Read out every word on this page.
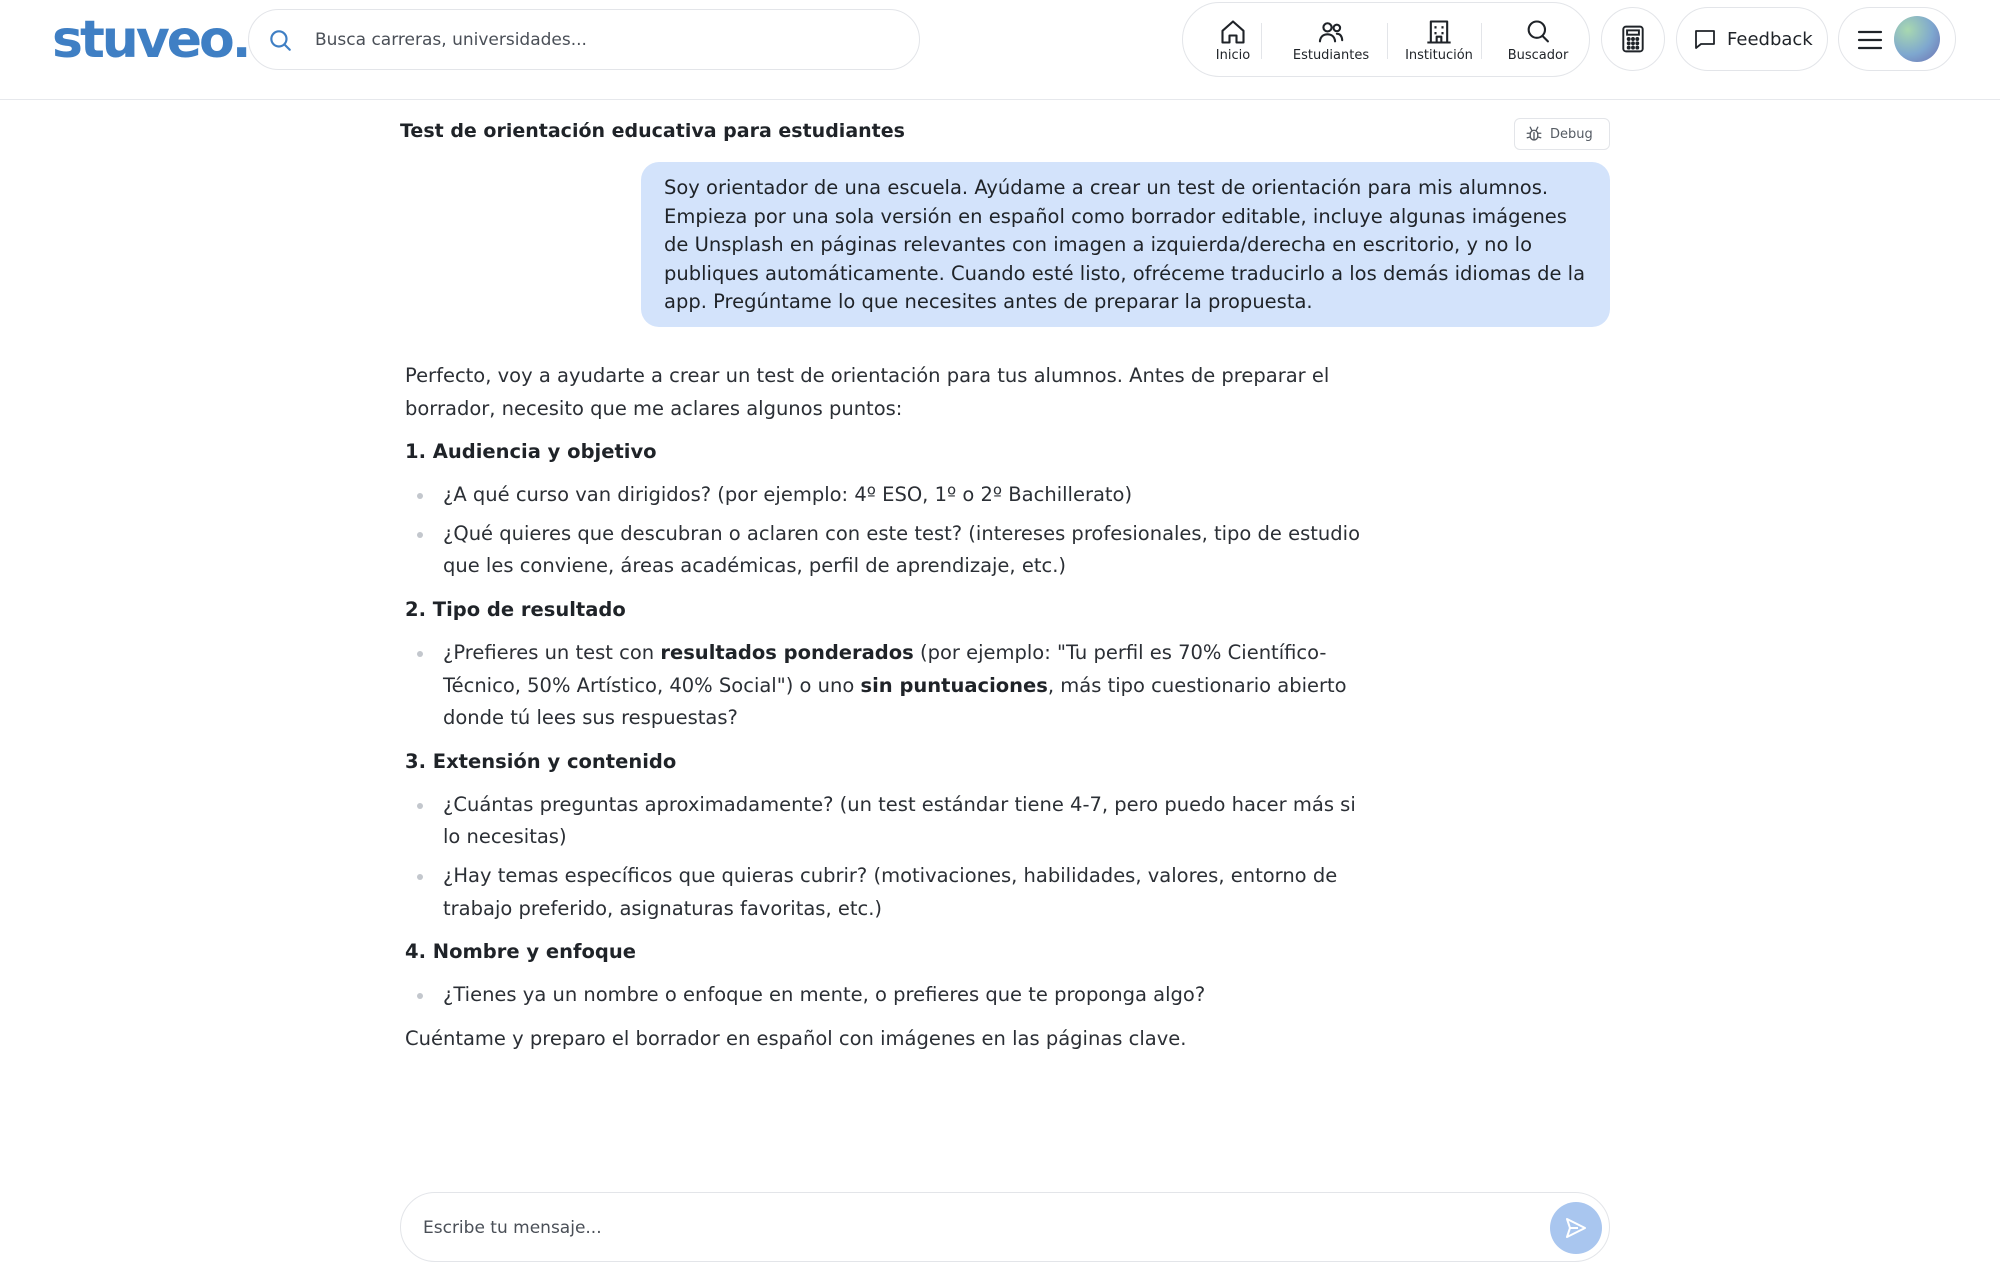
stuveo.
Busca carreras, universidades...	Inicio	Estudiantes	Institución	Buscador
Feedback
Test de orientación educativa para estudiantes	Debug
Soy orientador de una escuela. Ayúdame a crear un test de orientación para mis alumnos. Empieza por una sola versión en español como borrador editable, incluye algunas imágenes de Unsplash en páginas relevantes con imagen a izquierda/derecha en escritorio, y no lo publiques automáticamente. Cuando esté listo, ofréceme traducirlo a los demás idiomas de la app. Pregúntame lo que necesites antes de preparar la propuesta.

Perfecto, voy a ayudarte a crear un test de orientación para tus alumnos. Antes de preparar el borrador, necesito que me aclares algunos puntos:

1. Audiencia y objetivo
¿A qué curso van dirigidos? (por ejemplo: 4º ESO, 1º o 2º Bachillerato)
¿Qué quieres que descubran o aclaren con este test? (intereses profesionales, tipo de estudio que les conviene, áreas académicas, perfil de aprendizaje, etc.)
2. Tipo de resultado
¿Prefieres un test con resultados ponderados (por ejemplo: "Tu perfil es 70% Científico-Técnico, 50% Artístico, 40% Social") o uno sin puntuaciones, más tipo cuestionario abierto donde tú lees sus respuestas?
3. Extensión y contenido
¿Cuántas preguntas aproximadamente? (un test estándar tiene 4-7, pero puedo hacer más si lo necesitas)
¿Hay temas específicos que quieras cubrir? (motivaciones, habilidades, valores, entorno de trabajo preferido, asignaturas favoritas, etc.)
4. Nombre y enfoque
¿Tienes ya un nombre o enfoque en mente, o prefieres que te proponga algo?

Cuéntame y preparo el borrador en español con imágenes en las páginas clave.

Escribe tu mensaje...
